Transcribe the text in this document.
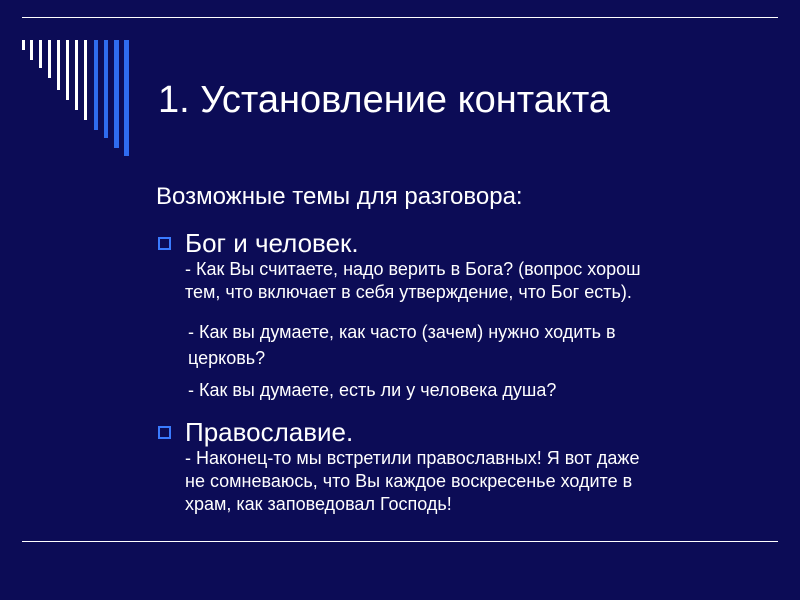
1. Установление контакта
Возможные темы для разговора:
Бог и человек.
- Как Вы считаете, надо верить в Бога? (вопрос хорош
тем, что включает в себя утверждение, что Бог есть).
- Как вы думаете, как часто (зачем) нужно ходить в
церковь?
- Как вы думаете, есть ли у человека душа?
Православие.
- Наконец-то мы встретили православных! Я вот даже
не сомневаюсь, что Вы каждое воскресенье ходите в
храм, как заповедовал Господь!
